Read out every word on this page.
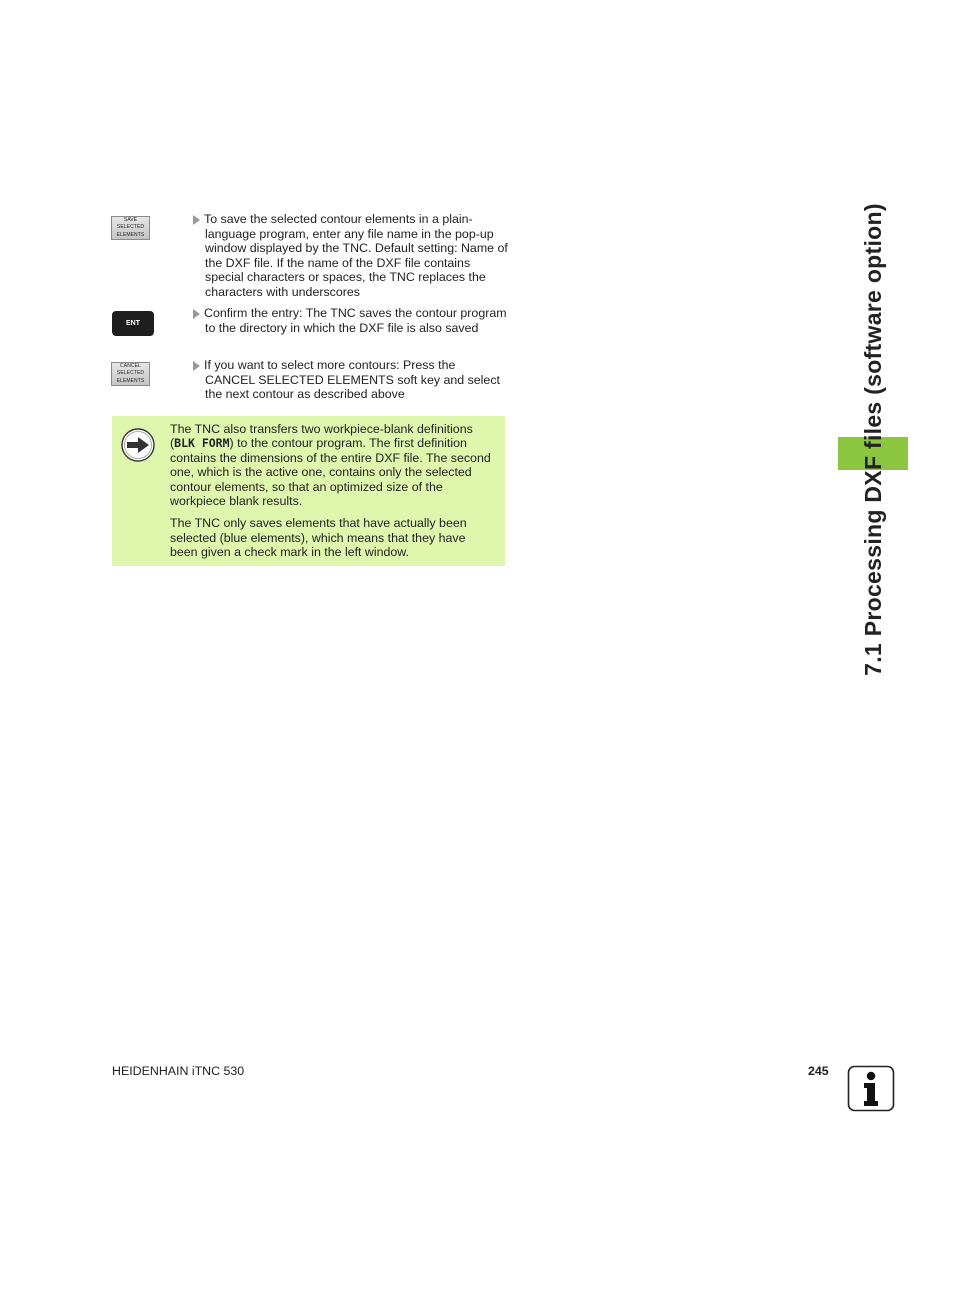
SAVE
SELECTED
ELEMENTS
To save the selected contour elements in a plain-language program, enter any file name in the pop-up window displayed by the TNC. Default setting: Name of the DXF file. If the name of the DXF file contains special characters or spaces, the TNC replaces the characters with underscores
ENT
Confirm the entry: The TNC saves the contour program to the directory in which the DXF file is also saved
CANCEL
SELECTED
ELEMENTS
If you want to select more contours: Press the CANCEL SELECTED ELEMENTS soft key and select the next contour as described above

The TNC also transfers two workpiece-blank definitions (BLK FORM) to the contour program. The first definition contains the dimensions of the entire DXF file. The second one, which is the active one, contains only the selected contour elements, so that an optimized size of the workpiece blank results.

The TNC only saves elements that have actually been selected (blue elements), which means that they have been given a check mark in the left window.	7.1 Processing DXF files (software option)
HEIDENHAIN iTNC 530	245
